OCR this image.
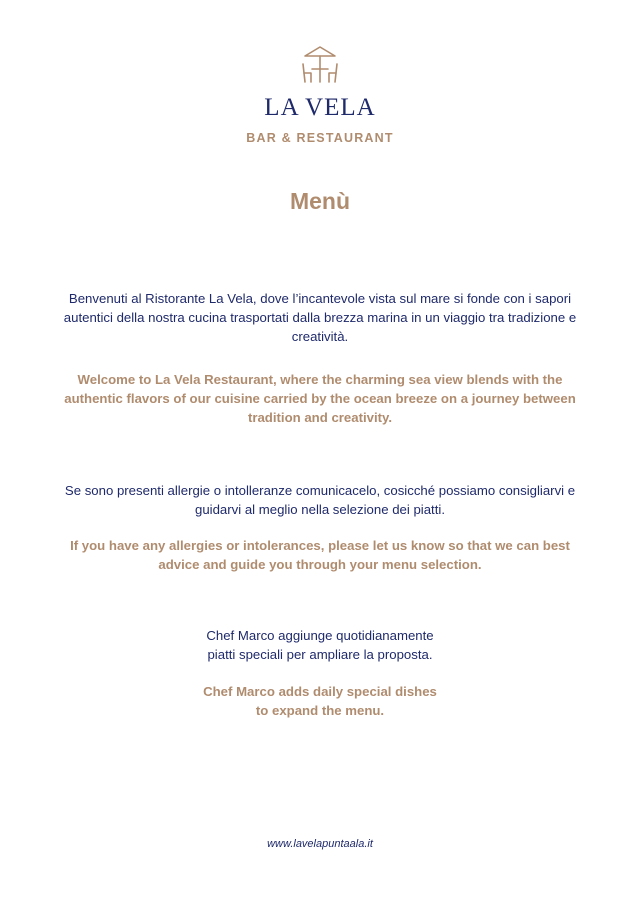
LA VELA
BAR & RESTAURANT
Menù

Benvenuti al Ristorante La Vela, dove l’incantevole vista sul mare si fonde con i sapori autentici della nostra cucina trasportati dalla brezza marina in un viaggio tra tradizione e creatività.

Welcome to La Vela Restaurant, where the charming sea view blends with the authentic flavors of our cuisine carried by the ocean breeze on a journey between tradition and creativity.

Se sono presenti allergie o intolleranze comunicacelo, cosicché possiamo consigliarvi e guidarvi al meglio nella selezione dei piatti.

If you have any allergies or intolerances, please let us know so that we can best advice and guide you through your menu selection.

Chef Marco aggiunge quotidianamente
piatti speciali per ampliare la proposta.
Chef Marco adds daily special dishes
to expand the menu.
www.lavelapuntaala.it
